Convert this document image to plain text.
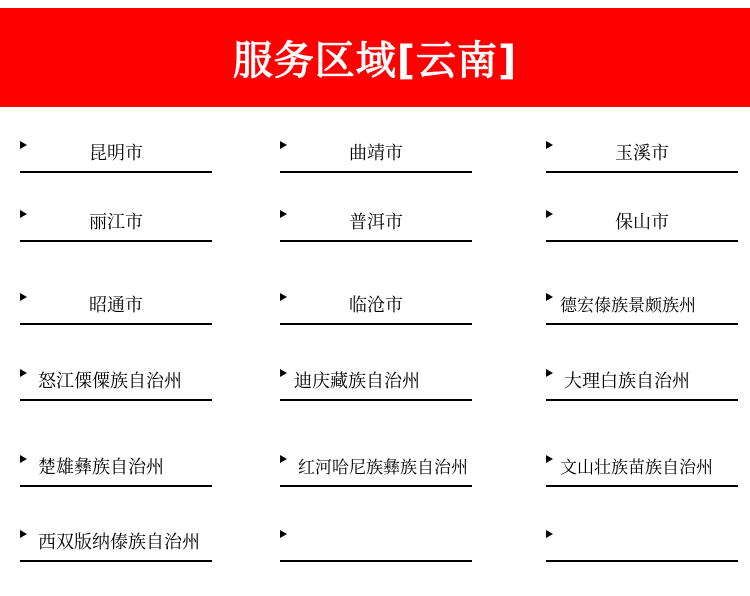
服务区域[云南]
昆明市	曲靖市	玉溪市
丽江市	普洱市	保山市
昭通市	临沧市	德宏傣族景颇族州
怒江傈僳族自治州	迪庆藏族自治州	大理白族自治州
楚雄彝族自治州	红河哈尼族彝族自治州	文山壮族苗族自治州
西双版纳傣族自治州
